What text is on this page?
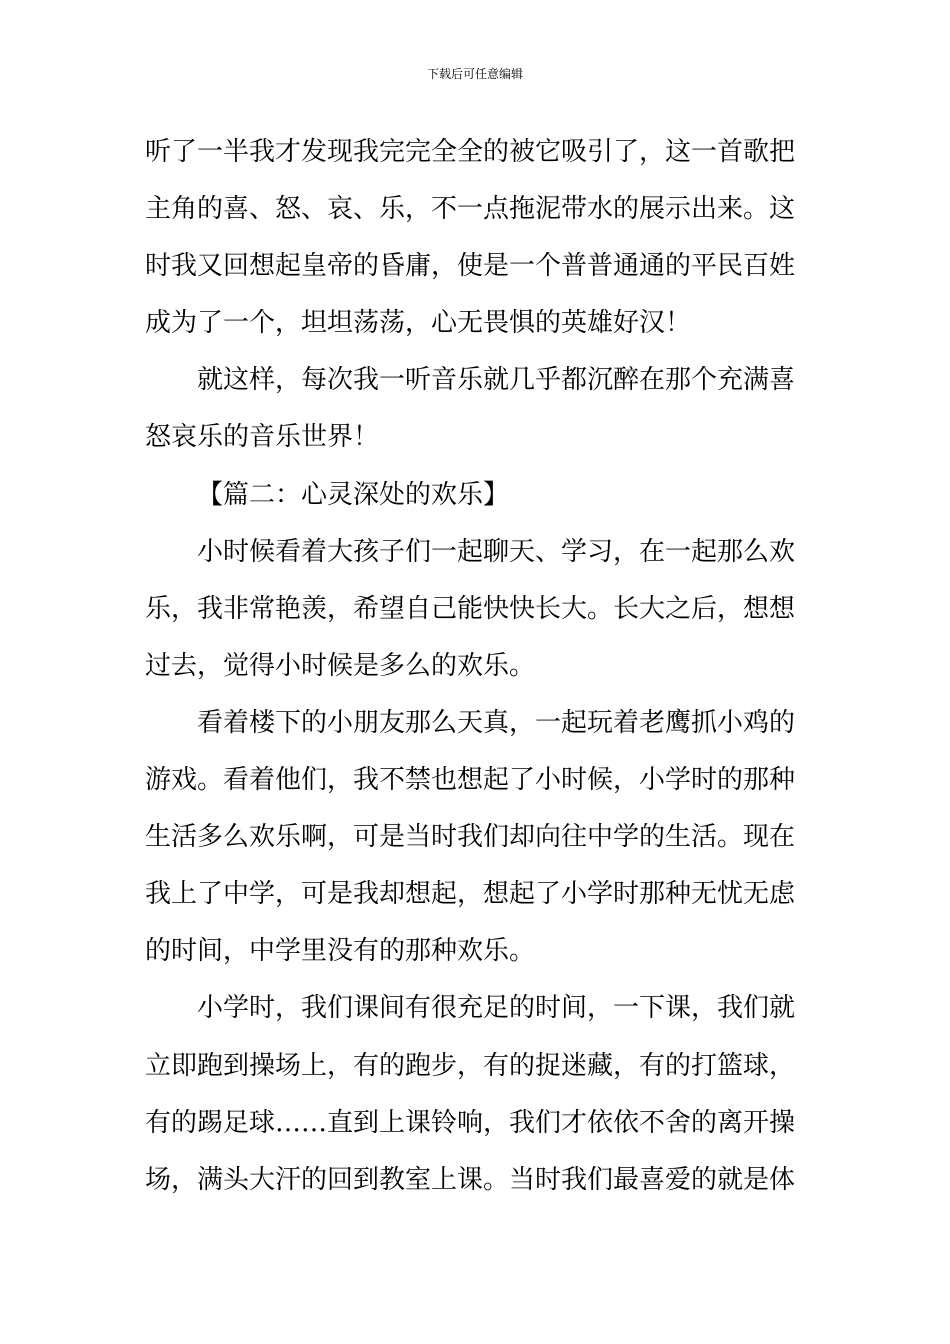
下载后可任意编辑
听了一半我才发现我完完全全的被它吸引了，这一首歌把
主角的喜、怒、哀、乐，不一点拖泥带水的展示出来。这
时我又回想起皇帝的昏庸，使是一个普普通通的平民百姓
成为了一个，坦坦荡荡，心无畏惧的英雄好汉！
就这样，每次我一听音乐就几乎都沉醉在那个充满喜
怒哀乐的音乐世界！
【篇二：心灵深处的欢乐】
小时候看着大孩子们一起聊天、学习，在一起那么欢
乐，我非常艳羡，希望自己能快快长大。长大之后，想想
过去，觉得小时候是多么的欢乐。
看着楼下的小朋友那么天真，一起玩着老鹰抓小鸡的
游戏。看着他们，我不禁也想起了小时候，小学时的那种
生活多么欢乐啊，可是当时我们却向往中学的生活。现在
我上了中学，可是我却想起，想起了小学时那种无忧无虑
的时间，中学里没有的那种欢乐。
小学时，我们课间有很充足的时间，一下课，我们就
立即跑到操场上，有的跑步，有的捉迷藏，有的打篮球，
有的踢足球……直到上课铃响，我们才依依不舍的离开操
场，满头大汗的回到教室上课。当时我们最喜爱的就是体
